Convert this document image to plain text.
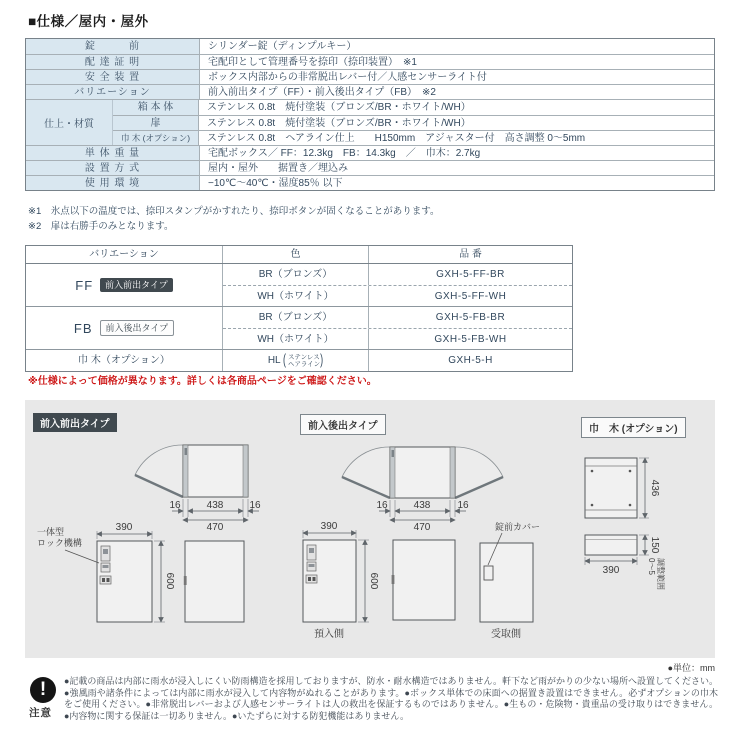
■仕様／屋内・屋外
錠　　　前	シリンダー錠（ディンプルキー）
配 達 証 明	宅配印として管理番号を捺印（捺印装置）　※1
安 全 装 置	ボックス内部からの非常脱出レバー付／人感センサーライト付
バリエーション	前入前出タイプ（FF）・前入後出タイプ（FB）　※2
仕上・材質
箱 本 体	ステンレス 0.8t　焼付塗装（ブロンズ/BR・ホワイト/WH）
扉	ステンレス 0.8t　焼付塗装（ブロンズ/BR・ホワイト/WH）
巾 木 (オプション)	ステンレス 0.8t　ヘアライン仕上　　H150mm　アジャスター付　高さ調整 0〜5mm
単 体 重 量	宅配ボックス／ FF：12.3kg　FB：14.3kg　／　巾木：2.7kg
設 置 方 式	屋内・屋外　　据置き／埋込み
使 用 環 境	−10℃〜40℃・湿度85％ 以下
※1　氷点以下の温度では、捺印スタンプがかすれたり、捺印ボタンが固くなることがあります。
※2　扉は右勝手のみとなります。
バリエーション	色	品 番
FF	前入前出タイプ
BR（ブロンズ）	GXH-5-FF-BR
WH（ホワイト）	GXH-5-FF-WH
FB	前入後出タイプ
BR（ブロンズ）	GXH-5-FB-BR
WH（ホワイト）	GXH-5-FB-WH
巾 木（オプション）	HL ( ステンレス
ヘアライン )	GXH-5-H
※仕様によって価格が異なります。詳しくは各商品ページをご確認ください。
16	438	16
470
390
600
一体型
ロック機構
16	438	16
470
390
600
預入側
錠前カバー
受取側
436
150
390	調整範囲
0〜5
前入前出タイプ	前入後出タイプ	巾　木 (オプション)
●単位：mm
!
注意
●記載の商品は内部に雨水が浸入しにくい防雨構造を採用しておりますが、防水・耐水構造ではありません。軒下など雨がかりの少ない場所へ設置してください。●強風雨や諸条件によっては内部に雨水が浸入して内容物がぬれることがあります。●ボックス単体での床面への据置き設置はできません。必ずオプションの巾木をご使用ください。●非常脱出レバーおよび人感センサーライトは人の救出を保証するものではありません。●生もの・危険物・貴重品の受け取りはできません。●内容物に関する保証は一切ありません。●いたずらに対する防犯機能はありません。
